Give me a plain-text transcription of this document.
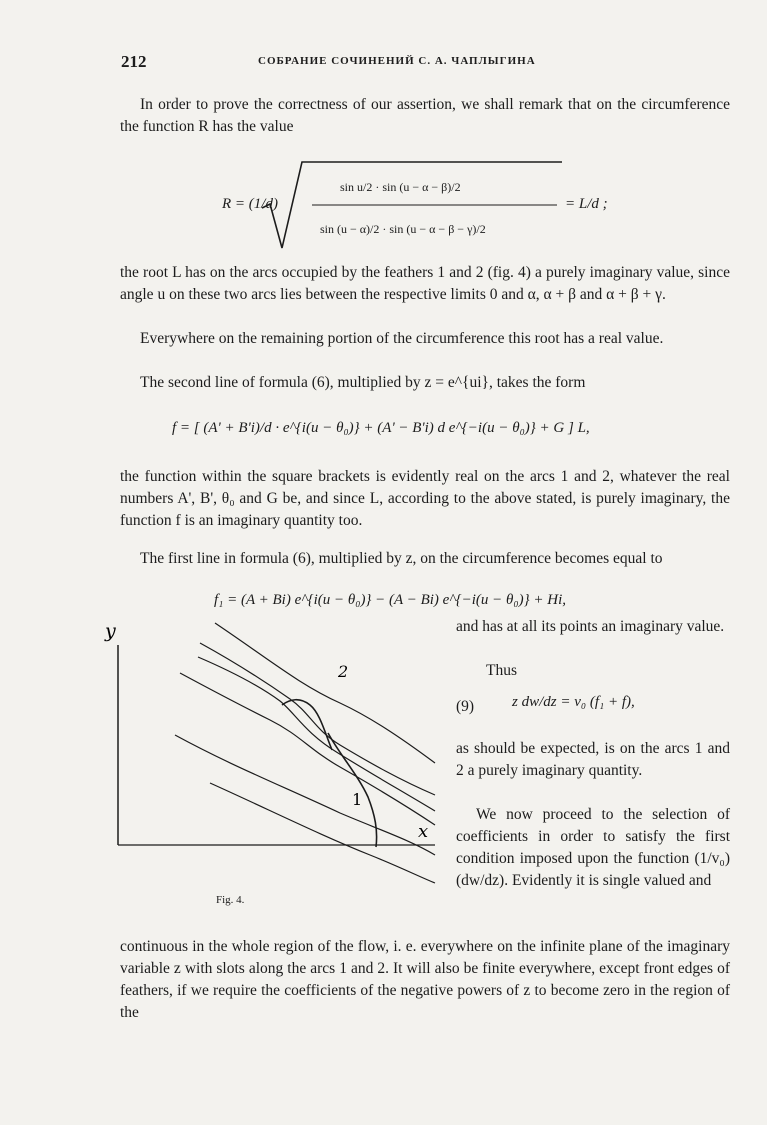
212	СОБРАНИЕ СОЧИНЕНИЙ С. А. ЧАПЛЫГИНА
In order to prove the correctness of our assertion, we shall remark that on the circumference the function R has the value
R = (1/d)
sin u/2 · sin (u − α − β)/2
sin (u − α)/2 · sin (u − α − β − γ)/2
= L/d ;
the root L has on the arcs occupied by the feathers 1 and 2 (fig. 4) a purely imaginary value, since angle u on these two arcs lies between the respective limits 0 and α, α + β and α + β + γ.
Everywhere on the remaining portion of the circumference this root has a real value.
The second line of formula (6), multiplied by z = e^{ui}, takes the form
f = [ (A' + B'i)/d · e^{i(u − θ₀)} + (A' − B'i) d e^{−i(u − θ₀)} + G ] L,
the function within the square brackets is evidently real on the arcs 1 and 2, whatever the real numbers A', B', θ₀ and G be, and since L, according to the above stated, is purely imaginary, the function f is an imaginary quantity too.
The first line in formula (6), multiplied by z, on the circumference becomes equal to
f₁ = (A + Bi) e^{i(u − θ₀)} − (A − Bi) e^{−i(u − θ₀)} + Hi,
y
x
2
1
Fig. 4.
and has at all its points an imaginary value.
Thus
(9)	z dw/dz = v₀ (f₁ + f),
as should be expected, is on the arcs 1 and 2 a purely imaginary quantity.
We now proceed to the selection of coefficients in order to satisfy the first condition imposed upon the function (1/v₀)(dw/dz). Evidently it is single valued and
continuous in the whole region of the flow, i. e. everywhere on the infinite plane of the imaginary variable z with slots along the arcs 1 and 2. It will also be finite everywhere, except front edges of feathers, if we require the coefficients of the negative powers of z to become zero in the region of the
